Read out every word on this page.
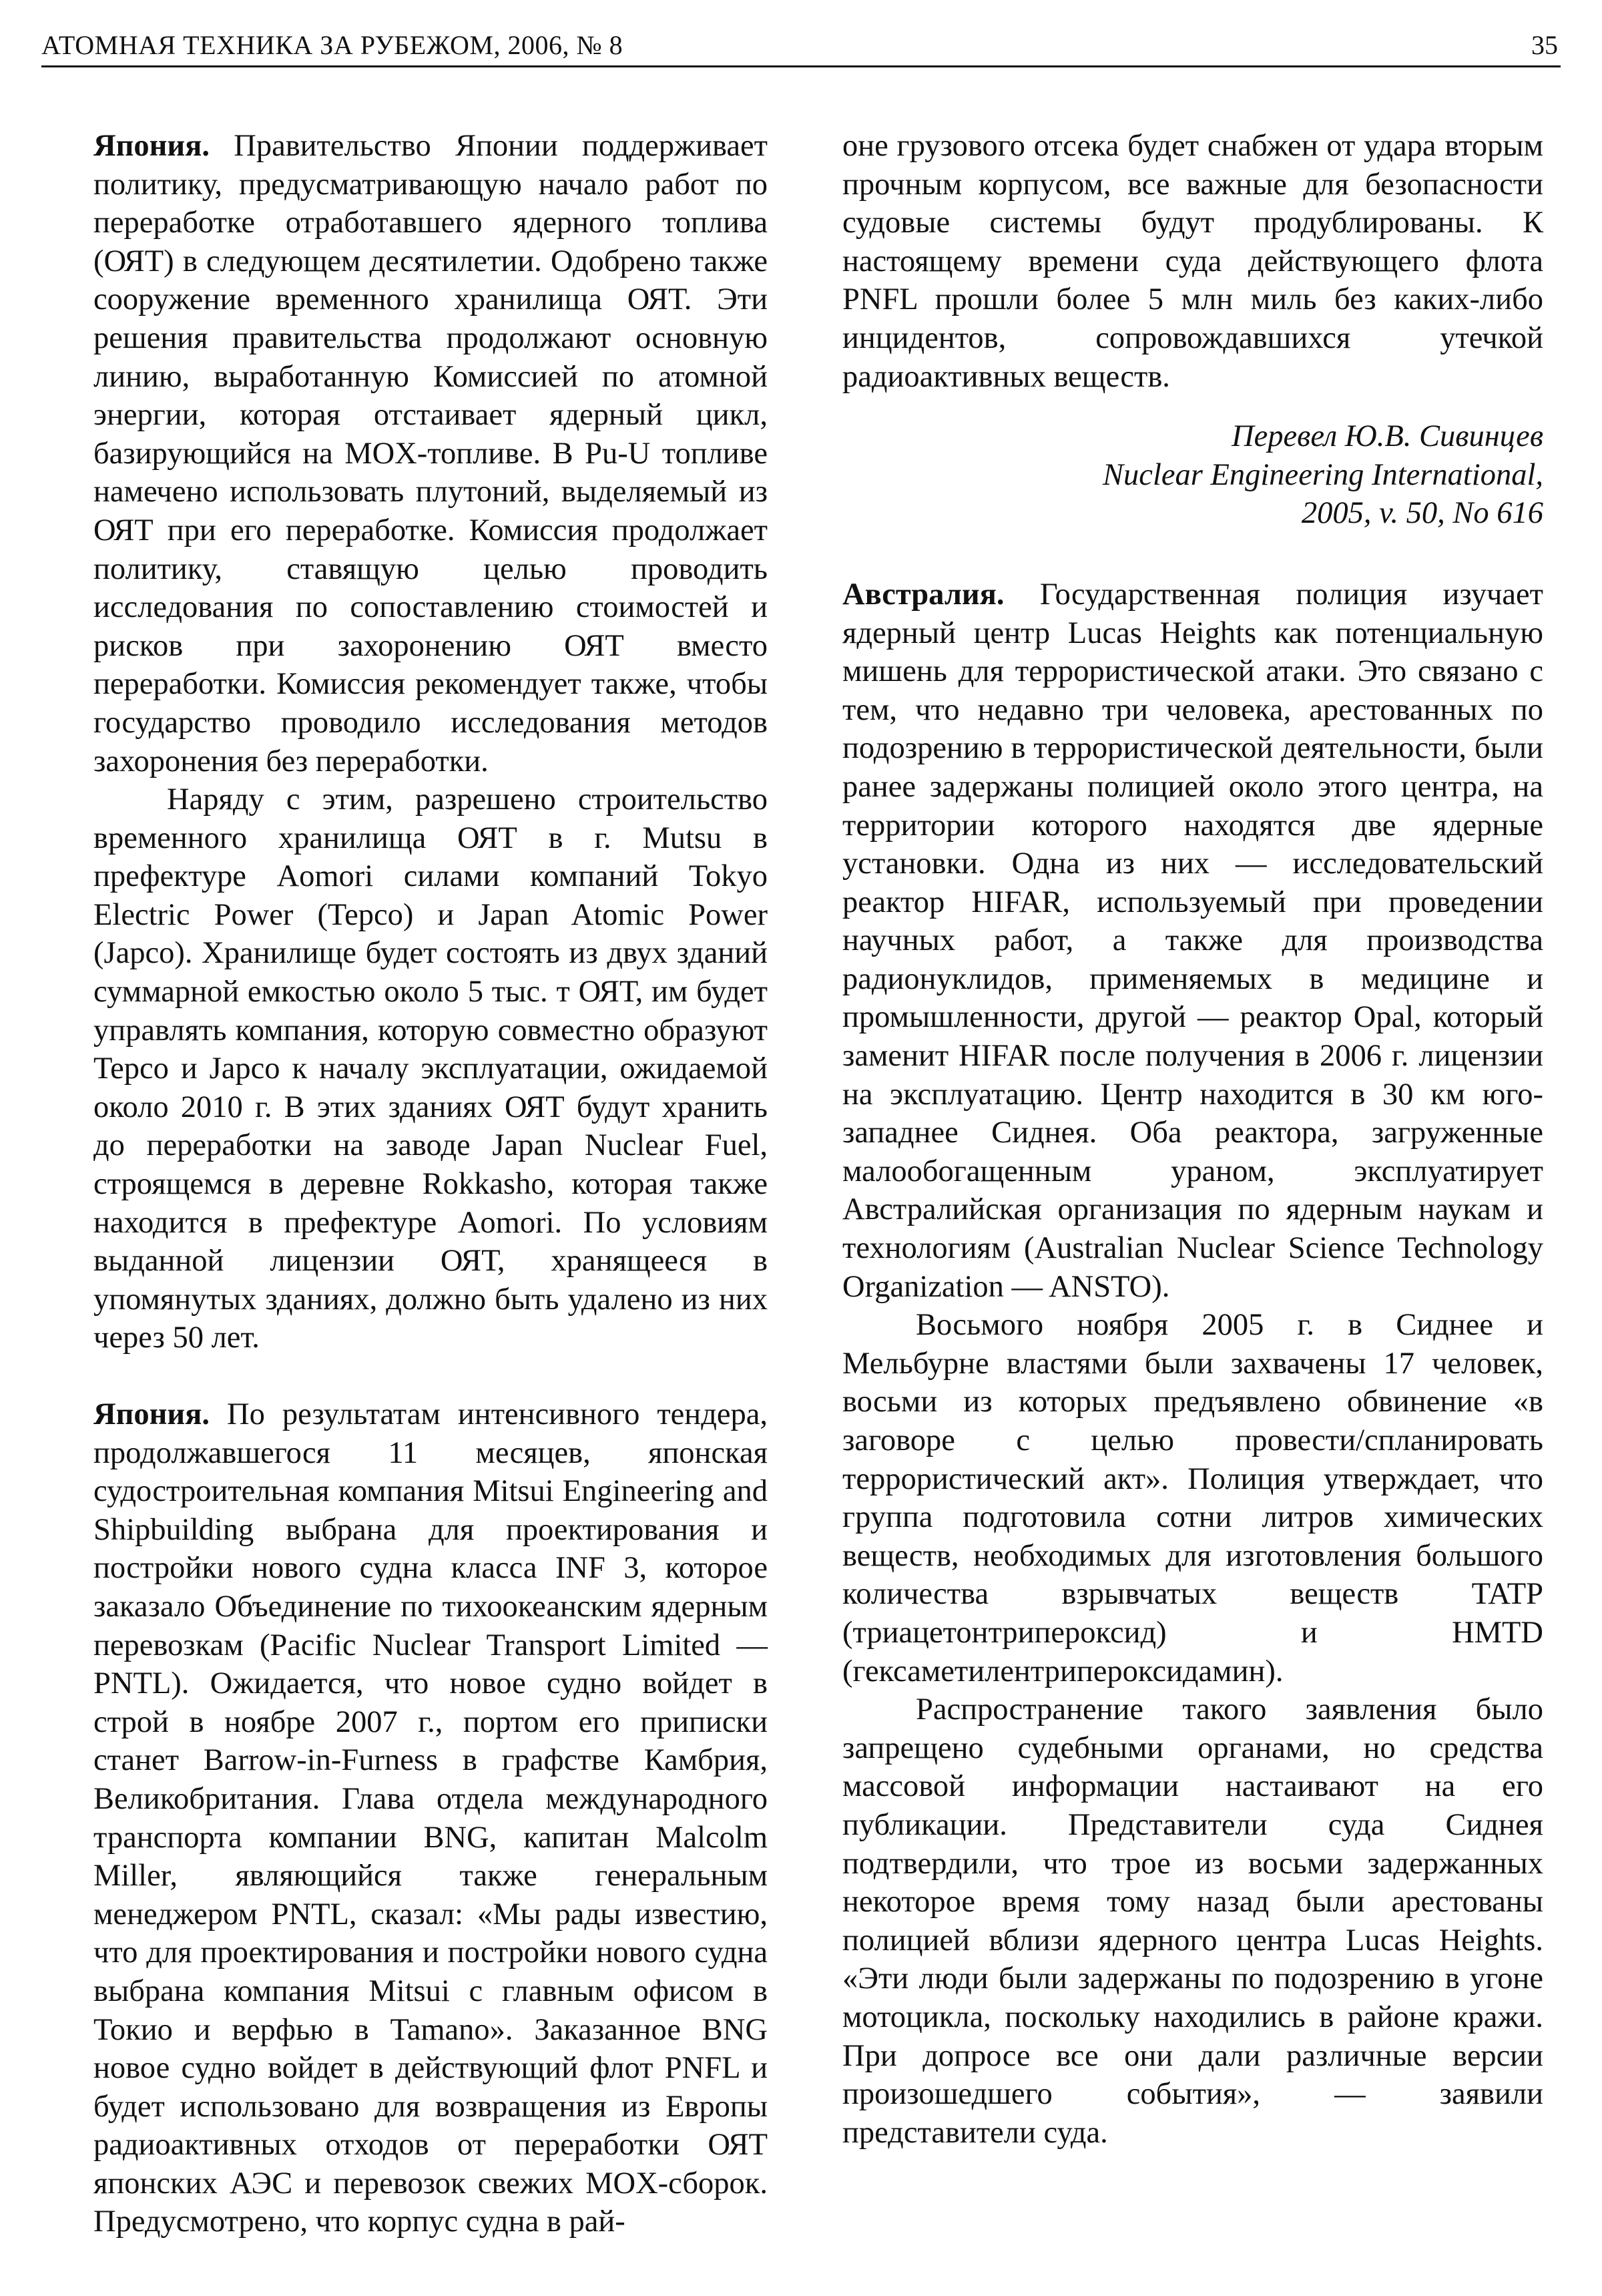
АТОМНАЯ ТЕХНИКА ЗА РУБЕЖОМ, 2006, № 8	35

Япония. Правительство Японии поддерживает политику, предусматривающую начало работ по переработке отработавшего ядерного топлива (ОЯТ) в следующем десятилетии. Одобрено также сооружение временного хранилища ОЯТ. Эти решения правительства продолжают основную линию, выработанную Комиссией по атомной энергии, которая отстаивает ядерный цикл, базирующийся на MOX-топливе. В Pu-U топливе намечено использовать плутоний, выделяемый из ОЯТ при его переработке. Комиссия продолжает политику, ставящую целью проводить исследования по сопоставлению стоимостей и рисков при захоронению ОЯТ вместо переработки. Комиссия рекомендует также, чтобы государство проводило исследования методов захоронения без переработки.

Наряду с этим, разрешено строительство временного хранилища ОЯТ в г. Mutsu в префектуре Aomori силами компаний Tokyo Electric Power (Tepco) и Japan Atomic Power (Japco). Хранилище будет состоять из двух зданий суммарной емкостью около 5 тыс. т ОЯТ, им будет управлять компания, которую совместно образуют Tepco и Japco к началу эксплуатации, ожидаемой около 2010 г. В этих зданиях ОЯТ будут хранить до переработки на заводе Japan Nuclear Fuel, строящемся в деревне Rokkasho, которая также находится в префектуре Aomori. По условиям выданной лицензии ОЯТ, хранящееся в упомянутых зданиях, должно быть удалено из них через 50 лет.

Япония. По результатам интенсивного тендера, продолжавшегося 11 месяцев, японская судостроительная компания Mitsui Engineering and Shipbuilding выбрана для проектирования и постройки нового судна класса INF 3, которое заказало Объединение по тихоокеанским ядерным перевозкам (Pacific Nuclear Transport Limited — PNTL). Ожидается, что новое судно войдет в строй в ноябре 2007 г., портом его приписки станет Barrow-in-Furness в графстве Камбрия, Великобритания. Глава отдела международного транспорта компании BNG, капитан Malcolm Miller, являющийся также генеральным менеджером PNTL, сказал: «Мы рады известию, что для проектирования и постройки нового судна выбрана компания Mitsui с главным офисом в Токио и верфью в Tamano». Заказанное BNG новое судно войдет в действующий флот PNFL и будет использовано для возвращения из Европы радиоактивных отходов от переработки ОЯТ японских АЭС и перевозок свежих MOX-сборок. Предусмотрено, что корпус судна в рай-

оне грузового отсека будет снабжен от удара вторым прочным корпусом, все важные для безопасности судовые системы будут продублированы. К настоящему времени суда действующего флота PNFL прошли более 5 млн миль без каких-либо инцидентов, сопровождавшихся утечкой радиоактивных веществ.

Перевел Ю.В. Сивинцев

Nuclear Engineering International,

2005, v. 50, No 616

Австралия. Государственная полиция изучает ядерный центр Lucas Heights как потенциальную мишень для террористической атаки. Это связано с тем, что недавно три человека, арестованных по подозрению в террористической деятельности, были ранее задержаны полицией около этого центра, на территории которого находятся две ядерные установки. Одна из них — исследовательский реактор HIFAR, используемый при проведении научных работ, а также для производства радионуклидов, применяемых в медицине и промышленности, другой — реактор Opal, который заменит HIFAR после получения в 2006 г. лицензии на эксплуатацию. Центр находится в 30 км юго-западнее Сиднея. Оба реактора, загруженные малообогащенным ураном, эксплуатирует Австралийская организация по ядерным наукам и технологиям (Australian Nuclear Science Technology Organization — ANSTO).

Восьмого ноября 2005 г. в Сиднее и Мельбурне властями были захвачены 17 человек, восьми из которых предъявлено обвинение «в заговоре с целью провести/спланировать террористический акт». Полиция утверждает, что группа подготовила сотни литров химических веществ, необходимых для изготовления большого количества взрывчатых веществ TATP (триацетонтрипероксид) и HMTD (гексаметилентрипероксидамин).

Распространение такого заявления было запрещено судебными органами, но средства массовой информации настаивают на его публикации. Представители суда Сиднея подтвердили, что трое из восьми задержанных некоторое время тому назад были арестованы полицией вблизи ядерного центра Lucas Heights. «Эти люди были задержаны по подозрению в угоне мотоцикла, поскольку находились в районе кражи. При допросе все они дали различные версии произошедшего события», — заявили представители суда.
